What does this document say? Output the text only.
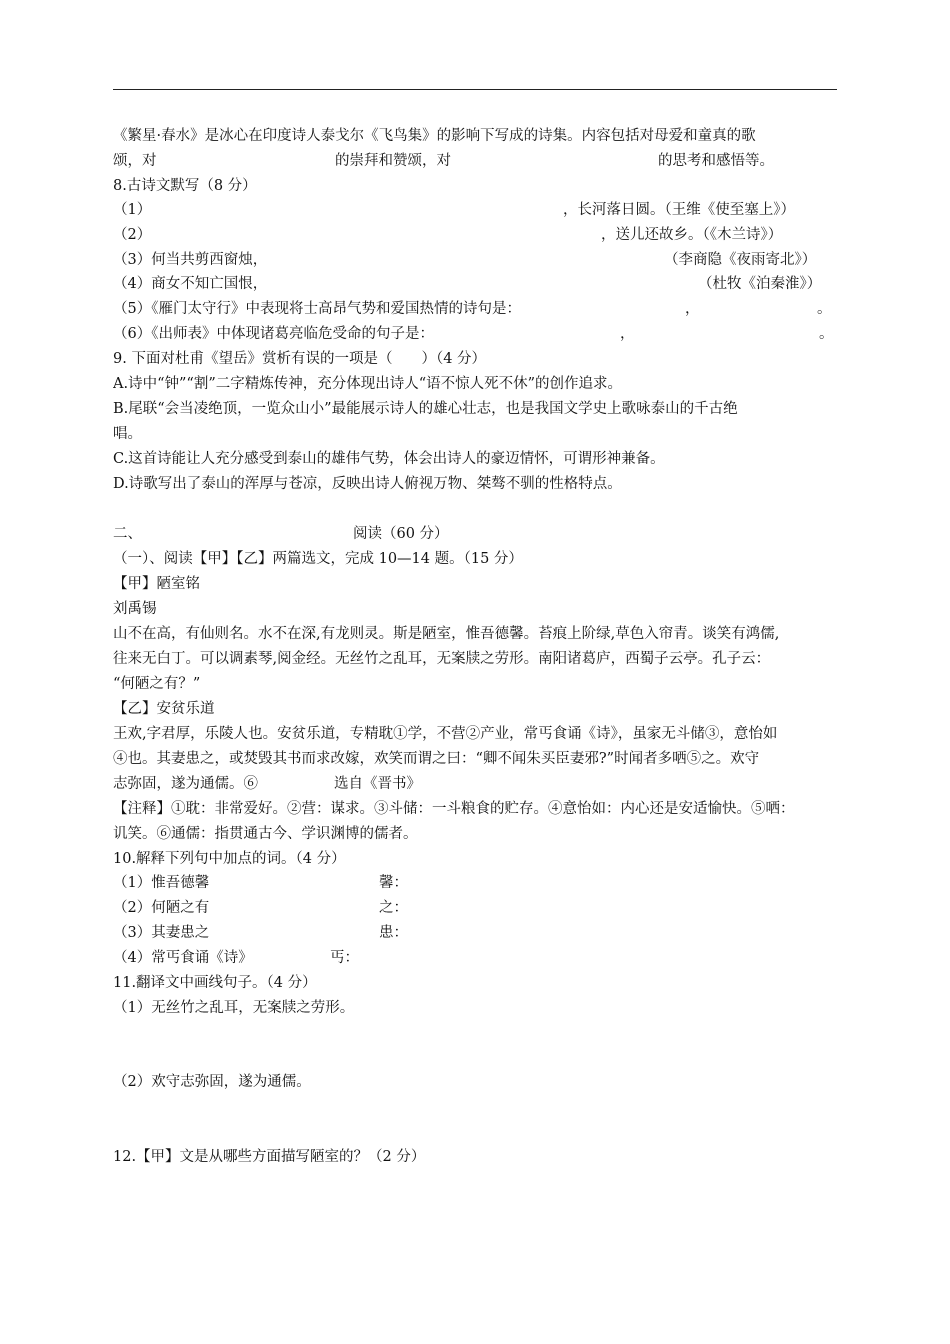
《繁星·春水》是冰心在印度诗人泰戈尔《飞鸟集》的影响下写成的诗集。内容包括对母爱和童真的歌
颂，对	的崇拜和赞颂，对	的思考和感悟等。
8.古诗文默写（8 分）
（1）	，长河落日圆。（王维《使至塞上》）
（2）	，送儿还故乡。（《木兰诗》）
（3）何当共剪西窗烛，	（李商隐《夜雨寄北》）
（4）商女不知亡国恨，	（杜牧《泊秦淮》）
（5）《雁门太守行》中表现将士高昂气势和爱国热情的诗句是：	，	。
（6）《出师表》中体现诸葛亮临危受命的句子是：	，	。
9. 下面对杜甫《望岳》赏析有误的一项是（　　）（4 分）
A.诗中“钟”“割”二字精炼传神，充分体现出诗人“语不惊人死不休”的创作追求。
B.尾联“会当凌绝顶，一览众山小”最能展示诗人的雄心壮志，也是我国文学史上歌咏泰山的千古绝
唱。
C.这首诗能让人充分感受到泰山的雄伟气势，体会出诗人的豪迈情怀，可谓形神兼备。
D.诗歌写出了泰山的浑厚与苍凉，反映出诗人俯视万物、桀骜不驯的性格特点。
二、	阅读（60 分）
（一）、阅读【甲】【乙】两篇选文，完成 10—14 题。（15 分）
【甲】陋室铭
刘禹锡
山不在高，有仙则名。水不在深,有龙则灵。斯是陋室，惟吾德馨。苔痕上阶绿,草色入帘青。谈笑有鸿儒,
往来无白丁。可以调素琴,阅金经。无丝竹之乱耳，无案牍之劳形。南阳诸葛庐，西蜀子云亭。孔子云：
“何陋之有？”
【乙】安贫乐道
王欢,字君厚，乐陵人也。安贫乐道，专精耽①学，不营②产业，常丐食诵《诗》，虽家无斗储③，意怡如
④也。其妻患之，或焚毁其书而求改嫁，欢笑而谓之曰：“卿不闻朱买臣妻邪?”时闻者多哂⑤之。欢守
志弥固，遂为通儒。⑥	选自《晋书》
【注释】①耽：非常爱好。②营：谋求。③斗储：一斗粮食的贮存。④意怡如：内心还是安适愉快。⑤哂：
讥笑。⑥通儒：指贯通古今、学识渊博的儒者。
10.解释下列句中加点的词。（4 分）
（1）惟吾德馨	馨：
（2）何陋之有	之：
（3）其妻患之	患：
（4）常丐食诵《诗》	丐：
11.翻译文中画线句子。（4 分）
（1）无丝竹之乱耳，无案牍之劳形。
（2）欢守志弥固，遂为通儒。
12.【甲】文是从哪些方面描写陋室的？（2 分）
